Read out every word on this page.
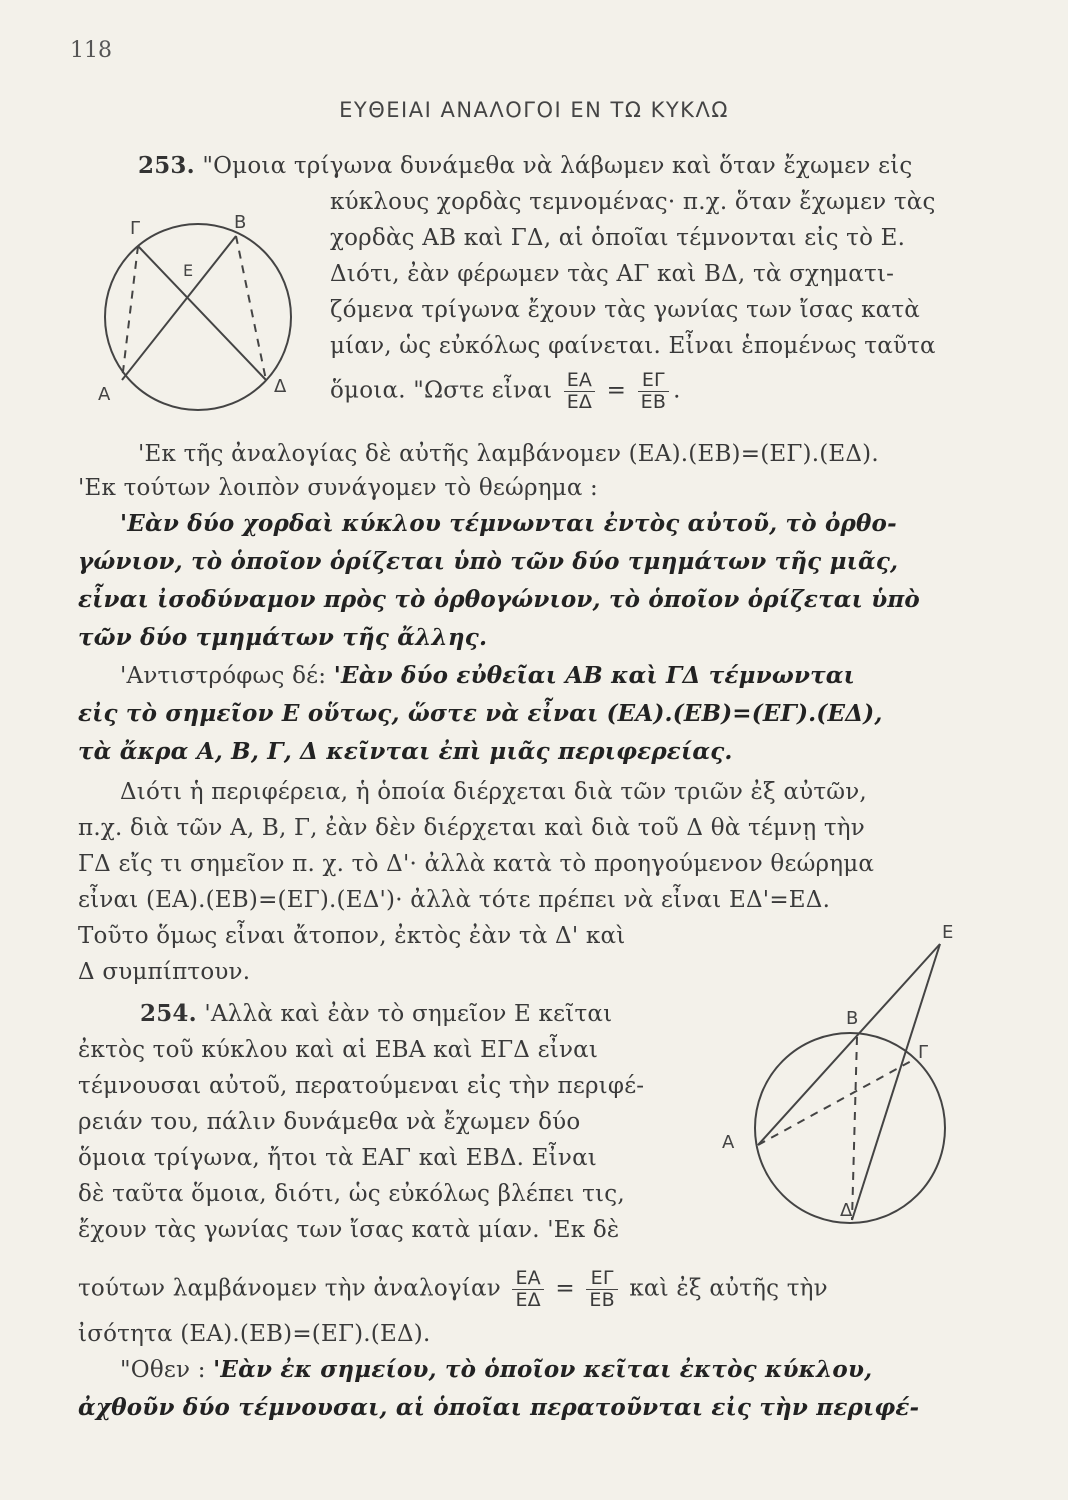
118
ΕΥΘΕΙΑΙ ΑΝΑΛΟΓΟΙ ΕΝ ΤΩ ΚΥΚΛΩ
253. "Ομοια τρίγωνα δυνάμεθα νὰ λάβωμεν καὶ ὅταν ἔχωμεν εἰς
κύκλους χορδὰς τεμνομένας· π.χ. ὅταν ἔχωμεν τὰς
χορδὰς ΑΒ καὶ ΓΔ, αἱ ὁποῖαι τέμνονται εἰς τὸ Ε.
Διότι, ἐὰν φέρωμεν τὰς ΑΓ καὶ ΒΔ, τὰ σχηματι-
ζόμενα τρίγωνα ἔχουν τὰς γωνίας των ἴσας κατὰ
μίαν, ὡς εὐκόλως φαίνεται. Εἶναι ἑπομένως ταῦτα
ὅμοια. "Ωστε εἶναι $\frac{EA}{E\Delta} = \frac{E\Gamma}{EB}$ .
Γ	Β
Ε
Α	Δ
'Εκ τῆς ἀναλογίας δὲ αὐτῆς λαμβάνομεν (ΕΑ).(ΕΒ)=(ΕΓ).(ΕΔ).
'Εκ τούτων λοιπὸν συνάγομεν τὸ θεώρημα :
'Εὰν δύο χορδαὶ κύκλου τέμνωνται ἐντὸς αὐτοῦ, τὸ ὀρθο-
γώνιον, τὸ ὁποῖον ὁρίζεται ὑπὸ τῶν δύο τμημάτων τῆς μιᾶς,
εἶναι ἰσοδύναμον πρὸς τὸ ὀρθογώνιον, τὸ ὁποῖον ὁρίζεται ὑπὸ
τῶν δύο τμημάτων τῆς ἄλλης.
'Αντιστρόφως δέ: 'Εὰν δύο εὐθεῖαι ΑΒ καὶ ΓΔ τέμνωνται
εἰς τὸ σημεῖον Ε οὕτως, ὥστε νὰ εἶναι (ΕΑ).(ΕΒ)=(ΕΓ).(ΕΔ),
τὰ ἄκρα Α, Β, Γ, Δ κεῖνται ἐπὶ μιᾶς περιφερείας.
Διότι ἡ περιφέρεια, ἡ ὁποία διέρχεται διὰ τῶν τριῶν ἐξ αὐτῶν,
π.χ. διὰ τῶν Α, Β, Γ, ἐὰν δὲν διέρχεται καὶ διὰ τοῦ Δ θὰ τέμνῃ τὴν
ΓΔ εἴς τι σημεῖον π. χ. τὸ Δ'· ἀλλὰ κατὰ τὸ προηγούμενον θεώρημα
εἶναι (ΕΑ).(ΕΒ)=(ΕΓ).(ΕΔ')· ἀλλὰ τότε πρέπει νὰ εἶναι ΕΔ'=ΕΔ.
Τοῦτο ὅμως εἶναι ἄτοπον, ἐκτὸς ἐὰν τὰ Δ' καὶ
Δ συμπίπτουν.
254. 'Αλλὰ καὶ ἐὰν τὸ σημεῖον Ε κεῖται
ἐκτὸς τοῦ κύκλου καὶ αἱ ΕΒΑ καὶ ΕΓΔ εἶναι
τέμνουσαι αὐτοῦ, περατούμεναι εἰς τὴν περιφέ-
ρειάν του, πάλιν δυνάμεθα νὰ ἔχωμεν δύο
ὅμοια τρίγωνα, ἤτοι τὰ ΕΑΓ καὶ ΕΒΔ. Εἶναι
δὲ ταῦτα ὅμοια, διότι, ὡς εὐκόλως βλέπει τις,
ἔχουν τὰς γωνίας των ἴσας κατὰ μίαν. 'Εκ δὲ
Ε
Β
Γ
Α
Δ
τούτων λαμβάνομεν τὴν ἀναλογίαν $\frac{EA}{E\Delta} = \frac{E\Gamma}{EB}$ καὶ ἐξ αὐτῆς τὴν
ἰσότητα (ΕΑ).(ΕΒ)=(ΕΓ).(ΕΔ).
"Οθεν : 'Εὰν ἐκ σημείου, τὸ ὁποῖον κεῖται ἐκτὸς κύκλου,
ἀχθοῦν δύο τέμνουσαι, αἱ ὁποῖαι περατοῦνται εἰς τὴν περιφέ-
